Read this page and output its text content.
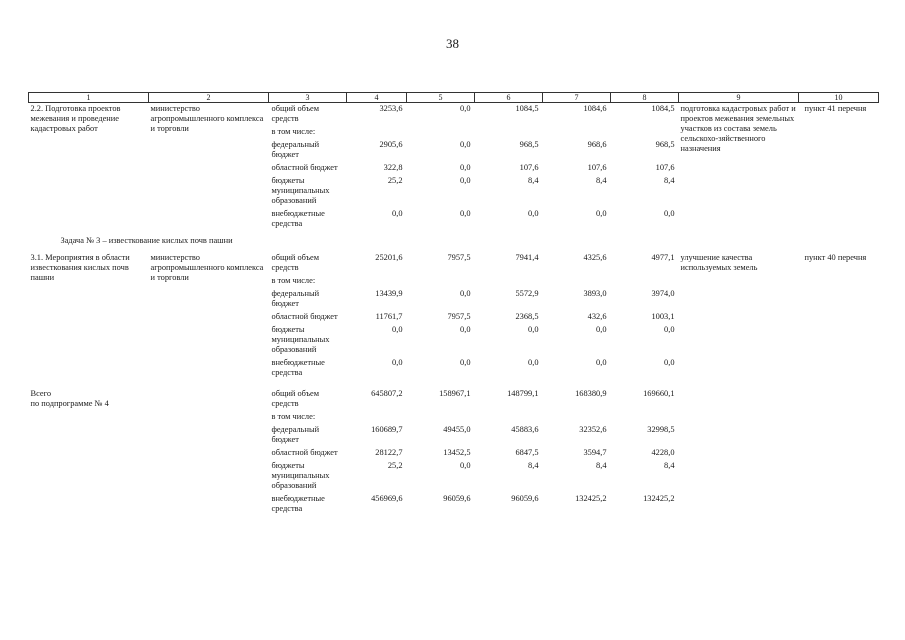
38
1	2	3	4	5	6	7	8	9	10
2.2. Подготовка проектов межевания и проведение кадастровых работ	министерство агропромышленного комплекса и торговли	общий объем средств	3253,6	0,0	1084,5	1084,6	1084,5	подготовка кадастровых работ и проектов межевания земельных участков из состава земель сельскохо-зяйственного назначения	пункт 41 перечня
		в том числе:							
		федеральный бюджет	2905,6	0,0	968,5	968,6	968,5		
		областной бюджет	322,8	0,0	107,6	107,6	107,6		
		бюджеты муниципальных образований	25,2	0,0	8,4	8,4	8,4		
		внебюджетные средства	0,0	0,0	0,0	0,0	0,0		
Задача № 3 – известкование кислых почв пашни									
3.1. Мероприятия в области известкования кислых почв пашни	министерство агропромышленного комплекса и торговли	общий объем средств	25201,6	7957,5	7941,4	4325,6	4977,1	улучшение качества используемых земель	пункт 40 перечня
		в том числе:							
		федеральный бюджет	13439,9	0,0	5572,9	3893,0	3974,0		
		областной бюджет	11761,7	7957,5	2368,5	432,6	1003,1		
		бюджеты муниципальных образований	0,0	0,0	0,0	0,0	0,0		
		внебюджетные средства	0,0	0,0	0,0	0,0	0,0		

Всего
по подпрограмме № 4		общий объем средств	645807,2	158967,1	148799,1	168380,9	169660,1		
		в том числе:							
		федеральный бюджет	160689,7	49455,0	45883,6	32352,6	32998,5		
		областной бюджет	28122,7	13452,5	6847,5	3594,7	4228,0		
		бюджеты муниципальных образований	25,2	0,0	8,4	8,4	8,4		
		внебюджетные средства	456969,6	96059,6	96059,6	132425,2	132425,2		
